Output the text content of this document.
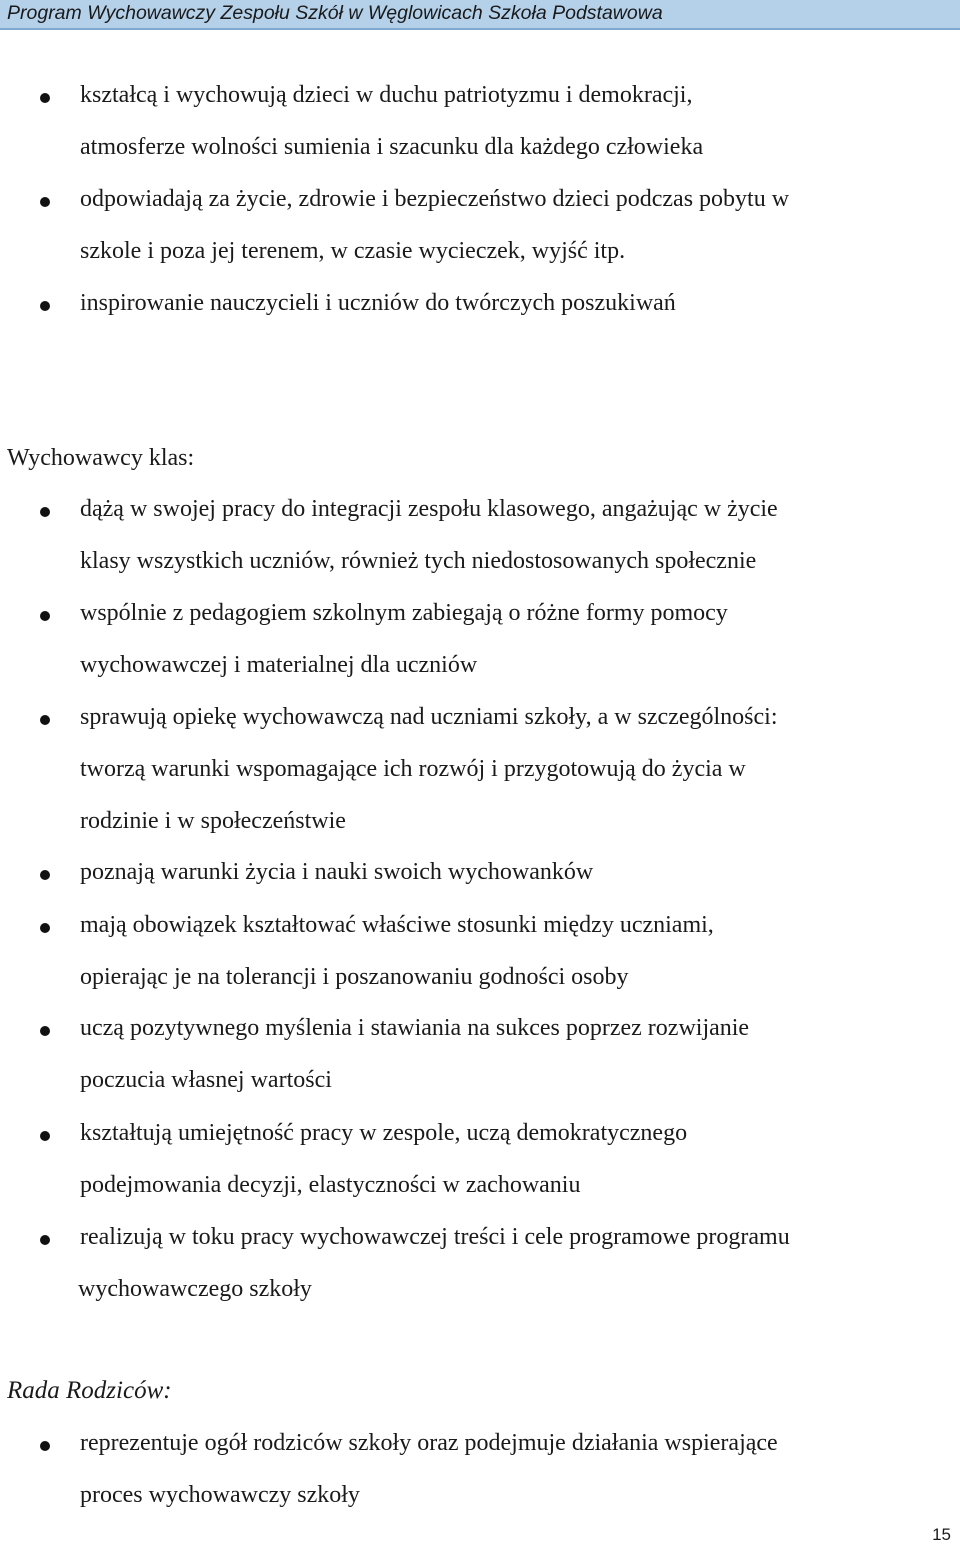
Program Wychowawczy Zespołu Szkół w Węglowicach Szkoła Podstawowa
kształcą i wychowują dzieci w duchu patriotyzmu i demokracji,
atmosferze wolności sumienia i szacunku dla każdego człowieka
odpowiadają za życie, zdrowie i bezpieczeństwo dzieci podczas pobytu w
szkole i poza jej terenem, w czasie wycieczek, wyjść itp.
inspirowanie nauczycieli i uczniów do twórczych poszukiwań
Wychowawcy klas:
dążą w swojej pracy do integracji zespołu klasowego, angażując w życie
klasy wszystkich uczniów, również tych niedostosowanych społecznie
wspólnie z pedagogiem szkolnym zabiegają o różne formy pomocy
wychowawczej i materialnej dla uczniów
sprawują opiekę wychowawczą nad uczniami szkoły, a w szczególności:
tworzą warunki wspomagające ich rozwój i przygotowują do życia w
rodzinie i w społeczeństwie
poznają warunki życia i nauki swoich wychowanków
mają obowiązek kształtować właściwe stosunki między uczniami,
opierając je na tolerancji i poszanowaniu godności osoby
uczą pozytywnego myślenia i stawiania na sukces poprzez rozwijanie
poczucia własnej wartości
kształtują umiejętność pracy w zespole, uczą demokratycznego
podejmowania decyzji, elastyczności w zachowaniu
realizują w toku pracy wychowawczej treści i cele programowe programu
wychowawczego szkoły
Rada Rodziców:
reprezentuje ogół rodziców szkoły oraz podejmuje działania wspierające
proces wychowawczy szkoły
15
